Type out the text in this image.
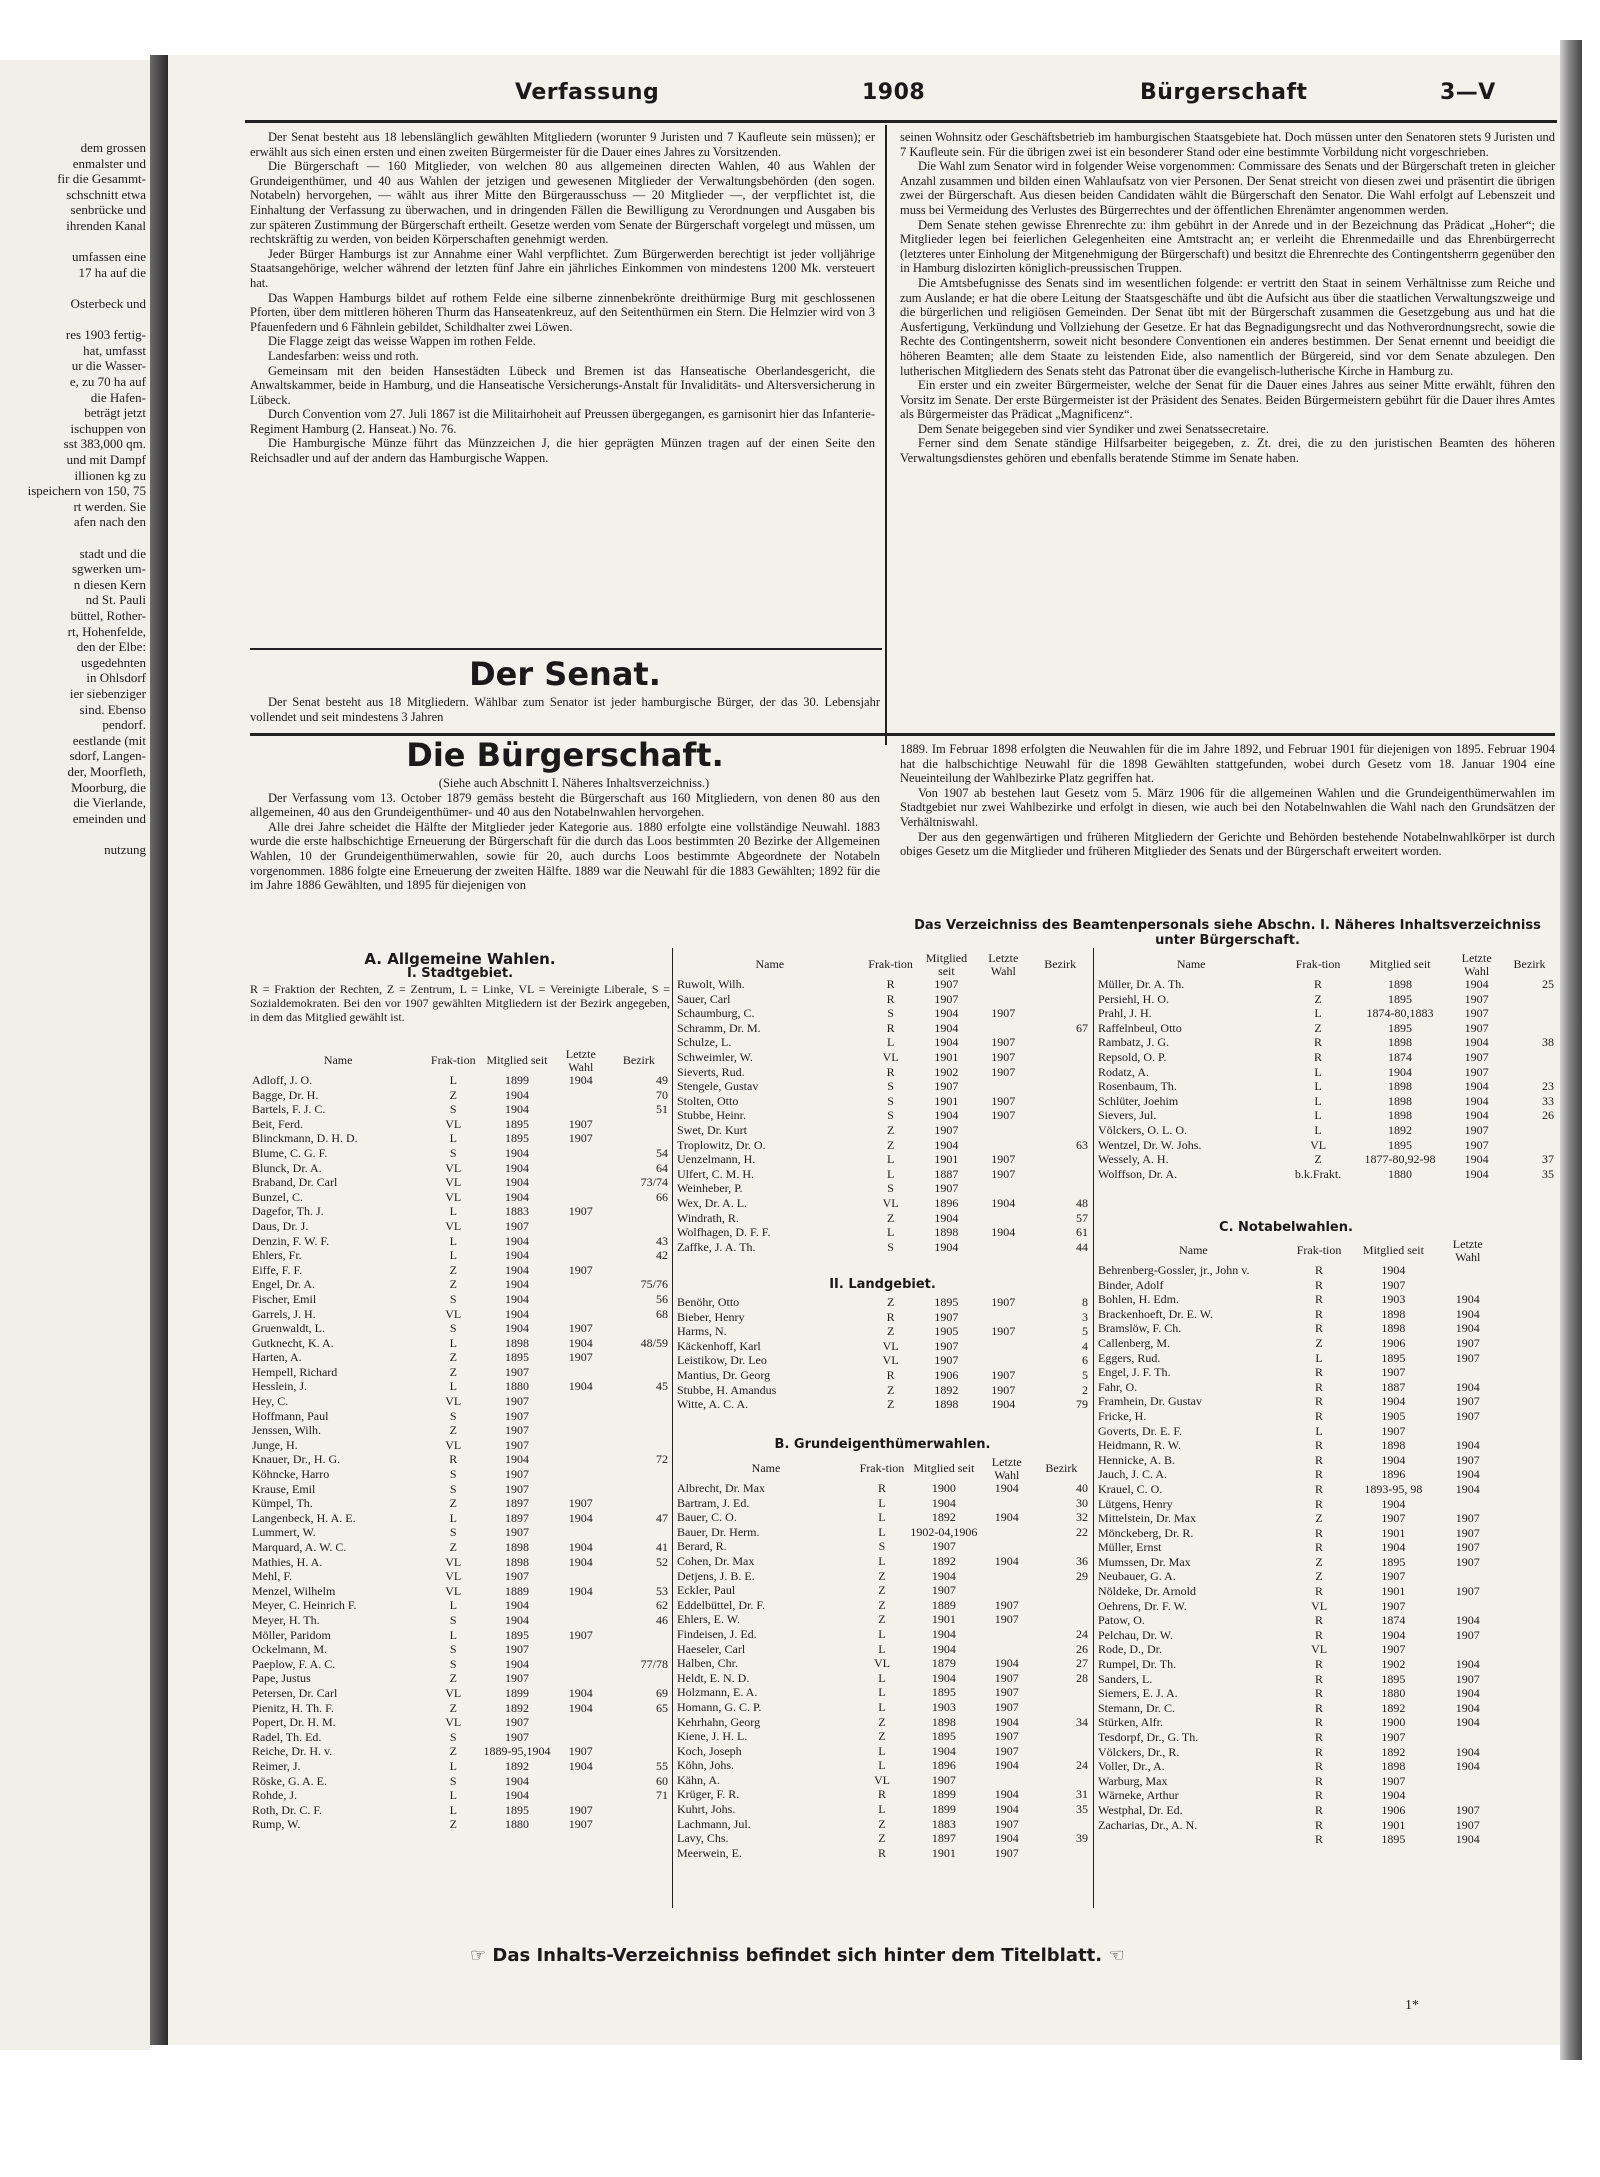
dem grossen
enmalster und
fir die Gesammt-
schschnitt etwa
senbrücke und
ihrenden Kanal
umfassen eine
17 ha auf die
Osterbeck und
res 1903 fertig-
hat, umfasst
ur die Wasser-
e, zu 70 ha auf
die Hafen-
beträgt jetzt
ischuppen von
sst 383,000 qm.
und mit Dampf
illionen kg zu
ispeichern von 150, 75
rt werden. Sie
afen nach den
stadt und die
sgwerken um-
n diesen Kern
nd St. Pauli
büttel, Rother-
rt, Hohenfelde,
den der Elbe:
usgedehnten
in Ohlsdorf
ier siebenziger
sind. Ebenso
pendorf.
eestlande (mit
sdorf, Langen-
der, Moorfleth,
Moorburg, die
die Vierlande,
emeinden und
nutzung
Verfassung	1908	Bürgerschaft	3—V

Der Senat besteht aus 18 lebenslänglich gewählten Mitgliedern (worunter 9 Juristen und 7 Kaufleute sein müssen); er erwählt aus sich einen ersten und einen zweiten Bürgermeister für die Dauer eines Jahres zu Vorsitzenden.

Die Bürgerschaft — 160 Mitglieder, von welchen 80 aus allgemeinen directen Wahlen, 40 aus Wahlen der Grundeigenthümer, und 40 aus Wahlen der jetzigen und gewesenen Mitglieder der Verwaltungsbehörden (den sogen. Notabeln) hervorgehen, — wählt aus ihrer Mitte den Bürgerausschuss — 20 Mitglieder —, der verpflichtet ist, die Einhaltung der Verfassung zu überwachen, und in dringenden Fällen die Bewilligung zu Verordnungen und Ausgaben bis zur späteren Zustimmung der Bürgerschaft ertheilt. Gesetze werden vom Senate der Bürgerschaft vorgelegt und müssen, um rechtskräftig zu werden, von beiden Körperschaften genehmigt werden.

Jeder Bürger Hamburgs ist zur Annahme einer Wahl verpflichtet. Zum Bürgerwerden berechtigt ist jeder volljährige Staatsangehörige, welcher während der letzten fünf Jahre ein jährliches Einkommen von mindestens 1200 Mk. versteuert hat.

Das Wappen Hamburgs bildet auf rothem Felde eine silberne zinnenbekrönte dreithürmige Burg mit geschlossenen Pforten, über dem mittleren höheren Thurm das Hanseatenkreuz, auf den Seitenthürmen ein Stern. Die Helmzier wird von 3 Pfauenfedern und 6 Fähnlein gebildet, Schildhalter zwei Löwen.

Die Flagge zeigt das weisse Wappen im rothen Felde.

Landesfarben: weiss und roth.

Gemeinsam mit den beiden Hansestädten Lübeck und Bremen ist das Hanseatische Oberlandesgericht, die Anwaltskammer, beide in Hamburg, und die Hanseatische Versicherungs-Anstalt für Invaliditäts- und Altersversicherung in Lübeck.

Durch Convention vom 27. Juli 1867 ist die Militairhoheit auf Preussen übergegangen, es garnisonirt hier das Infanterie-Regiment Hamburg (2. Hanseat.) No. 76.

Die Hamburgische Münze führt das Münzzeichen J, die hier geprägten Münzen tragen auf der einen Seite den Reichsadler und auf der andern das Hamburgische Wappen.

seinen Wohnsitz oder Geschäftsbetrieb im hamburgischen Staatsgebiete hat. Doch müssen unter den Senatoren stets 9 Juristen und 7 Kaufleute sein. Für die übrigen zwei ist ein besonderer Stand oder eine bestimmte Vorbildung nicht vorgeschrieben.

Die Wahl zum Senator wird in folgender Weise vorgenommen: Commissare des Senats und der Bürgerschaft treten in gleicher Anzahl zusammen und bilden einen Wahlaufsatz von vier Personen. Der Senat streicht von diesen zwei und präsentirt die übrigen zwei der Bürgerschaft. Aus diesen beiden Candidaten wählt die Bürgerschaft den Senator. Die Wahl erfolgt auf Lebenszeit und muss bei Vermeidung des Verlustes des Bürgerrechtes und der öffentlichen Ehrenämter angenommen werden.

Dem Senate stehen gewisse Ehrenrechte zu: ihm gebührt in der Anrede und in der Bezeichnung das Prädicat „Hoher“; die Mitglieder legen bei feierlichen Gelegenheiten eine Amtstracht an; er verleiht die Ehrenmedaille und das Ehrenbürgerrecht (letzteres unter Einholung der Mitgenehmigung der Bürgerschaft) und besitzt die Ehrenrechte des Contingentsherrn gegenüber den in Hamburg dislozirten königlich-preussischen Truppen.

Die Amtsbefugnisse des Senats sind im wesentlichen folgende: er vertritt den Staat in seinem Verhältnisse zum Reiche und zum Auslande; er hat die obere Leitung der Staatsgeschäfte und übt die Aufsicht aus über die staatlichen Verwaltungszweige und die bürgerlichen und religiösen Gemeinden. Der Senat übt mit der Bürgerschaft zusammen die Gesetzgebung aus und hat die Ausfertigung, Verkündung und Vollziehung der Gesetze. Er hat das Begnadigungsrecht und das Nothverordnungsrecht, sowie die Rechte des Contingentsherrn, soweit nicht besondere Conventionen ein anderes bestimmen. Der Senat ernennt und beeidigt die höheren Beamten; alle dem Staate zu leistenden Eide, also namentlich der Bürgereid, sind vor dem Senate abzulegen. Den lutherischen Mitgliedern des Senats steht das Patronat über die evangelisch-lutherische Kirche in Hamburg zu.

Ein erster und ein zweiter Bürgermeister, welche der Senat für die Dauer eines Jahres aus seiner Mitte erwählt, führen den Vorsitz im Senate. Der erste Bürgermeister ist der Präsident des Senates. Beiden Bürgermeistern gebührt für die Dauer ihres Amtes als Bürgermeister das Prädicat „Magnificenz“.

Dem Senate beigegeben sind vier Syndiker und zwei Senatssecretaire.

Ferner sind dem Senate ständige Hilfsarbeiter beigegeben, z. Zt. drei, die zu den juristischen Beamten des höheren Verwaltungsdienstes gehören und ebenfalls beratende Stimme im Senate haben.

Der Senat.

Der Senat besteht aus 18 Mitgliedern. Wählbar zum Senator ist jeder hamburgische Bürger, der das 30. Lebensjahr vollendet und seit mindestens 3 Jahren

Die Bürgerschaft.

(Siehe auch Abschnitt I. Näheres Inhaltsverzeichniss.)

Der Verfassung vom 13. October 1879 gemäss besteht die Bürgerschaft aus 160 Mitgliedern, von denen 80 aus den allgemeinen, 40 aus den Grundeigenthümer- und 40 aus den Notabelnwahlen hervorgehen.

Alle drei Jahre scheidet die Hälfte der Mitglieder jeder Kategorie aus. 1880 erfolgte eine vollständige Neuwahl. 1883 wurde die erste halbschichtige Erneuerung der Bürgerschaft für die durch das Loos bestimmten 20 Bezirke der Allgemeinen Wahlen, 10 der Grundeigenthümerwahlen, sowie für 20, auch durchs Loos bestimmte Abgeordnete der Notabeln vorgenommen. 1886 folgte eine Erneuerung der zweiten Hälfte. 1889 war die Neuwahl für die 1883 Gewählten; 1892 für die im Jahre 1886 Gewählten, und 1895 für diejenigen von

1889. Im Februar 1898 erfolgten die Neuwahlen für die im Jahre 1892, und Februar 1901 für diejenigen von 1895. Februar 1904 hat die halbschichtige Neuwahl für die 1898 Gewählten stattgefunden, wobei durch Gesetz vom 18. Januar 1904 eine Neueinteilung der Wahlbezirke Platz gegriffen hat.

Von 1907 ab bestehen laut Gesetz vom 5. März 1906 für die allgemeinen Wahlen und die Grundeigenthümerwahlen im Stadtgebiet nur zwei Wahlbezirke und erfolgt in diesen, wie auch bei den Notabelnwahlen die Wahl nach den Grundsätzen der Verhältniswahl.

Der aus den gegenwärtigen und früheren Mitgliedern der Gerichte und Behörden bestehende Notabelnwahlkörper ist durch obiges Gesetz um die Mitglieder und früheren Mitglieder des Senats und der Bürgerschaft erweitert worden.

Das Verzeichniss des Beamtenpersonals siehe Abschn. I. Näheres Inhaltsverzeichniss unter Bürgerschaft.
A. Allgemeine Wahlen.
I. Stadtgebiet.

R = Fraktion der Rechten, Z = Zentrum, L = Linke, VL = Vereinigte Liberale, S = Sozialdemokraten. Bei den vor 1907 gewählten Mitgliedern ist der Bezirk angegeben, in dem das Mitglied gewählt ist.

Name	Frak-tion	Mitglied seit	Letzte Wahl	Bezirk
Adloff, J. O.	L	1899	1904	49
Bagge, Dr. H.	Z	1904		70
Bartels, F. J. C.	S	1904		51
Beit, Ferd.	VL	1895	1907	
Blinckmann, D. H. D.	L	1895	1907	
Blume, C. G. F.	S	1904		54
Blunck, Dr. A.	VL	1904		64
Braband, Dr. Carl	VL	1904		73/74
Bunzel, C.	VL	1904		66
Dagefor, Th. J.	L	1883	1907	
Daus, Dr. J.	VL	1907		
Denzin, F. W. F.	L	1904		43
Ehlers, Fr.	L	1904		42
Eiffe, F. F.	Z	1904	1907	
Engel, Dr. A.	Z	1904		75/76
Fischer, Emil	S	1904		56
Garrels, J. H.	VL	1904		68
Gruenwaldt, L.	S	1904	1907	
Gutknecht, K. A.	L	1898	1904	48/59
Harten, A.	Z	1895	1907	
Hempell, Richard	Z	1907		
Hesslein, J.	L	1880	1904	45
Hey, C.	VL	1907		
Hoffmann, Paul	S	1907		
Jenssen, Wilh.	Z	1907		
Junge, H.	VL	1907		
Knauer, Dr., H. G.	R	1904		72
Köhncke, Harro	S	1907		
Krause, Emil	S	1907		
Kümpel, Th.	Z	1897	1907	
Langenbeck, H. A. E.	L	1897	1904	47
Lummert, W.	S	1907		
Marquard, A. W. C.	Z	1898	1904	41
Mathies, H. A.	VL	1898	1904	52
Mehl, F.	VL	1907		
Menzel, Wilhelm	VL	1889	1904	53
Meyer, C. Heinrich F.	L	1904		62
Meyer, H. Th.	S	1904		46
Möller, Paridom	L	1895	1907	
Ockelmann, M.	S	1907		
Paeplow, F. A. C.	S	1904		77/78
Pape, Justus	Z	1907		
Petersen, Dr. Carl	VL	1899	1904	69
Pienitz, H. Th. F.	Z	1892	1904	65
Popert, Dr. H. M.	VL	1907		
Radel, Th. Ed.	S	1907		
Reiche, Dr. H. v.	Z	1889-95,1904	1907	
Reimer, J.	L	1892	1904	55
Röske, G. A. E.	S	1904		60
Rohde, J.	L	1904		71
Roth, Dr. C. F.	L	1895	1907	
Rump, W.	Z	1880	1907	
Name	Frak-tion	Mitglied seit	Letzte Wahl	Bezirk
Ruwolt, Wilh.	R	1907		
Sauer, Carl	R	1907		
Schaumburg, C.	S	1904	1907	
Schramm, Dr. M.	R	1904		67
Schulze, L.	L	1904	1907	
Schweimler, W.	VL	1901	1907	
Sieverts, Rud.	R	1902	1907	
Stengele, Gustav	S	1907		
Stolten, Otto	S	1901	1907	
Stubbe, Heinr.	S	1904	1907	
Swet, Dr. Kurt	Z	1907		
Troplowitz, Dr. O.	Z	1904		63
Uenzelmann, H.	L	1901	1907	
Ulfert, C. M. H.	L	1887	1907	
Weinheber, P.	S	1907		
Wex, Dr. A. L.	VL	1896	1904	48
Windrath, R.	Z	1904		57
Wolfhagen, D. F. F.	L	1898	1904	61
Zaffke, J. A. Th.	S	1904		44
II. Landgebiet.
Benöhr, Otto	Z	1895	1907	8
Bieber, Henry	R	1907		3
Harms, N.	Z	1905	1907	5
Käckenhoff, Karl	VL	1907		4
Leistikow, Dr. Leo	VL	1907		6
Mantius, Dr. Georg	R	1906	1907	5
Stubbe, H. Amandus	Z	1892	1907	2
Witte, A. C. A.	Z	1898	1904	79
B. Grundeigenthümerwahlen.
Name	Frak-tion	Mitglied seit	Letzte Wahl	Bezirk
Albrecht, Dr. Max	R	1900	1904	40
Bartram, J. Ed.	L	1904		30
Bauer, C. O.	L	1892	1904	32
Bauer, Dr. Herm.	L	1902-04,1906		22
Berard, R.	S	1907		
Cohen, Dr. Max	L	1892	1904	36
Detjens, J. B. E.	Z	1904		29
Eckler, Paul	Z	1907		
Eddelbüttel, Dr. F.	Z	1889	1907	
Ehlers, E. W.	Z	1901	1907	
Findeisen, J. Ed.	L	1904		24
Haeseler, Carl	L	1904		26
Halben, Chr.	VL	1879	1904	27
Heldt, E. N. D.	L	1904	1907	28
Holzmann, E. A.	L	1895	1907	
Homann, G. C. P.	L	1903	1907	
Kehrhahn, Georg	Z	1898	1904	34
Kiene, J. H. L.	Z	1895	1907	
Koch, Joseph	L	1904	1907	
Köhn, Johs.	L	1896	1904	24
Kähn, A.	VL	1907		
Krüger, F. R.	R	1899	1904	31
Kuhrt, Johs.	L	1899	1904	35
Lachmann, Jul.	Z	1883	1907	
Lavy, Chs.	Z	1897	1904	39
Meerwein, E.	R	1901	1907	
Name	Frak-tion	Mitglied seit	Letzte Wahl	Bezirk
Müller, Dr. A. Th.	R	1898	1904	25
Persiehl, H. O.	Z	1895	1907	
Prahl, J. H.	L	1874-80,1883	1907	
Raffelnbeul, Otto	Z	1895	1907	
Rambatz, J. G.	R	1898	1904	38
Repsold, O. P.	R	1874	1907	
Rodatz, A.	L	1904	1907	
Rosenbaum, Th.	L	1898	1904	23
Schlüter, Joehim	L	1898	1904	33
Sievers, Jul.	L	1898	1904	26
Völckers, O. L. O.	L	1892	1907	
Wentzel, Dr. W. Johs.	VL	1895	1907	
Wessely, A. H.	Z	1877-80,92-98	1904	37
Wolffson, Dr. A.	b.k.Frakt.	1880	1904	35
C. Notabelwahlen.
Name	Frak-tion	Mitglied seit	Letzte Wahl
Behrenberg-Gossler, jr., John v.	R	1904	
Binder, Adolf	R	1907	
Bohlen, H. Edm.	R	1903	1904
Brackenhoeft, Dr. E. W.	R	1898	1904
Bramslöw, F. Ch.	R	1898	1904
Callenberg, M.	Z	1906	1907
Eggers, Rud.	L	1895	1907
Engel, J. F. Th.	R	1907	
Fahr, O.	R	1887	1904
Framhein, Dr. Gustav	R	1904	1907
Fricke, H.	R	1905	1907
Goverts, Dr. E. F.	L	1907	
Heidmann, R. W.	R	1898	1904
Hennicke, A. B.	R	1904	1907
Jauch, J. C. A.	R	1896	1904
Krauel, C. O.	R	1893-95, 98	1904
Lütgens, Henry	R	1904	
Mittelstein, Dr. Max	Z	1907	1907
Mönckeberg, Dr. R.	R	1901	1907
Müller, Ernst	R	1904	1907
Mumssen, Dr. Max	Z	1895	1907
Neubauer, G. A.	Z	1907	
Nöldeke, Dr. Arnold	R	1901	1907
Oehrens, Dr. F. W.	VL	1907	
Patow, O.	R	1874	1904
Pelchau, Dr. W.	R	1904	1907
Rode, D., Dr.	VL	1907	
Rumpel, Dr. Th.	R	1902	1904
Sanders, L.	R	1895	1907
Siemers, E. J. A.	R	1880	1904
Stemann, Dr. C.	R	1892	1904
Stürken, Alfr.	R	1900	1904
Tesdorpf, Dr., G. Th.	R	1907	
Völckers, Dr., R.	R	1892	1904
Voller, Dr., A.	R	1898	1904
Warburg, Max	R	1907	
Wärneke, Arthur	R	1904	
Westphal, Dr. Ed.	R	1906	1907
Zacharias, Dr., A. N.	R	1901	1907
	R	1895	1904
☞ Das Inhalts-Verzeichniss befindet sich hinter dem Titelblatt. ☜
1*
